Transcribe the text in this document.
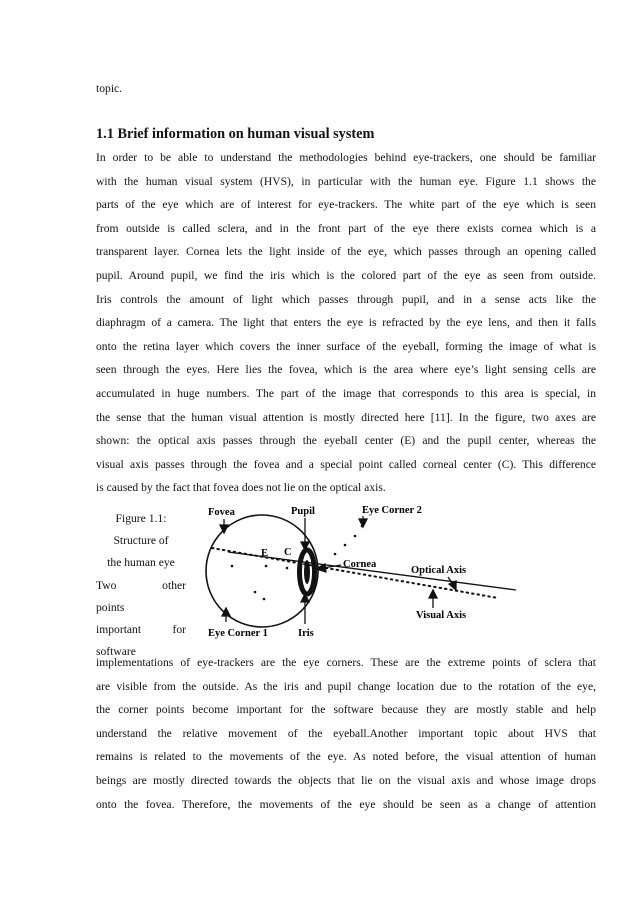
topic.
1.1 Brief information on human visual system
In order to be able to understand the methodologies behind eye-trackers, one should be familiar
with the human visual system (HVS), in particular with the human eye. Figure 1.1 shows the
parts of the eye which are of interest for eye-trackers. The white part of the eye which is seen
from outside is called sclera, and in the front part of the eye there exists cornea which is a
transparent layer. Cornea lets the light inside of the eye, which passes through an opening called
pupil. Around pupil, we find the iris which is the colored part of the eye as seen from outside.
Iris controls the amount of light which passes through pupil, and in a sense acts like the
diaphragm of a camera. The light that enters the eye is refracted by the eye lens, and then it falls
onto the retina layer which covers the inner surface of the eyeball, forming the image of what is
seen through the eyes. Here lies the fovea, which is the area where eye’s light sensing cells are
accumulated in huge numbers. The part of the image that corresponds to this area is special, in
the sense that the human visual attention is mostly directed here [11]. In the figure, two axes are
shown: the optical axis passes through the eyeball center (E) and the pupil center, whereas the
visual axis passes through the fovea and a special point called corneal center (C). This difference
is caused by the fact that fovea does not lie on the optical axis.
Figure 1.1:
Structure of
the human eye
Two	other
points
important	for
software
Fovea	Pupil	Eye Corner 2
E C
Cornea
Optical Axis
Visual Axis
Eye Corner 1	Iris
implementations of eye-trackers are the eye corners. These are the extreme points of sclera that
are visible from the outside. As the iris and pupil change location due to the rotation of the eye,
the corner points become important for the software because they are mostly stable and help
understand the relative movement of the eyeball.Another important topic about HVS that
remains is related to the movements of the eye. As noted before, the visual attention of human
beings are mostly directed towards the objects that lie on the visual axis and whose image drops
onto the fovea. Therefore, the movements of the eye should be seen as a change of attention
